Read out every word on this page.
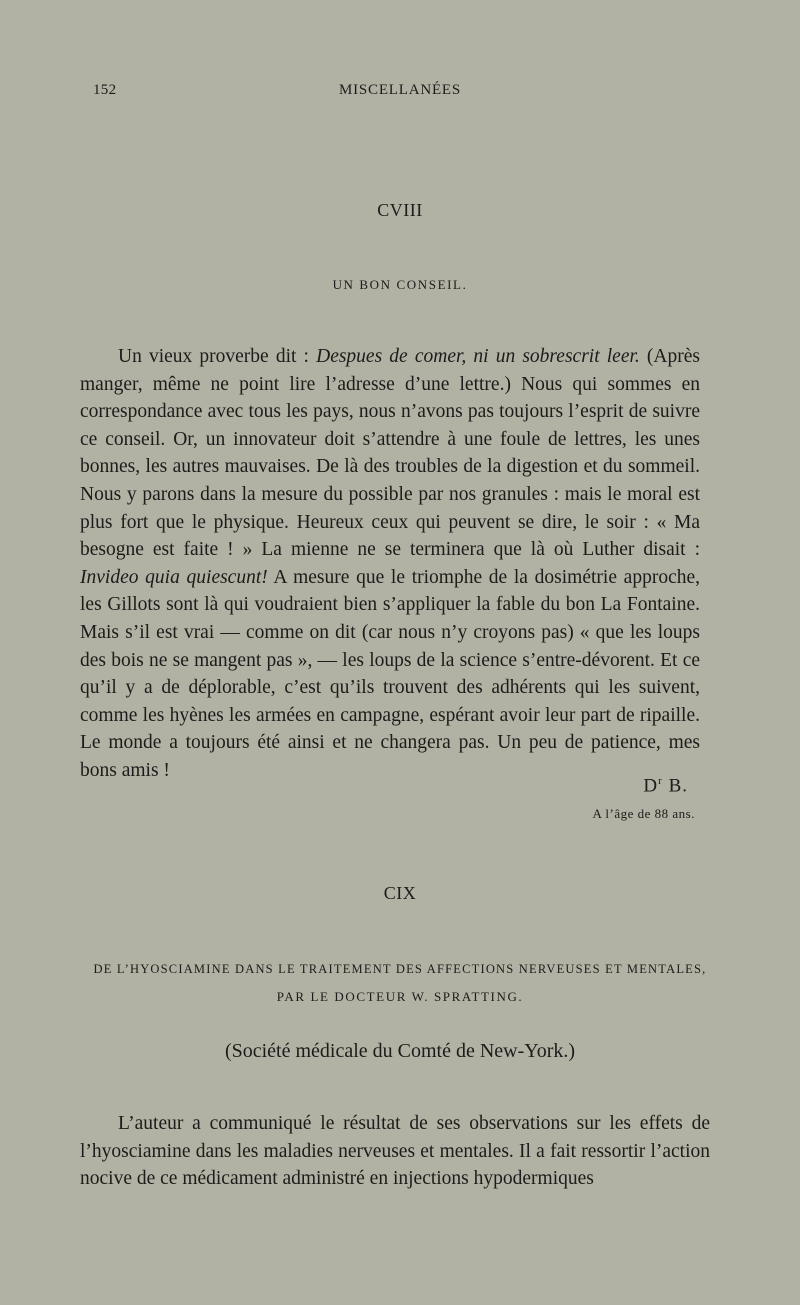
152	MISCELLANÉES
CVIII
UN BON CONSEIL.

Un vieux proverbe dit : Despues de comer, ni un sobrescrit leer. (Après manger, même ne point lire l’adresse d’une lettre.) Nous qui sommes en correspondance avec tous les pays, nous n’avons pas toujours l’esprit de suivre ce conseil. Or, un innovateur doit s’attendre à une foule de lettres, les unes bonnes, les autres mauvaises. De là des troubles de la digestion et du sommeil. Nous y parons dans la mesure du possible par nos granules : mais le moral est plus fort que le physique. Heureux ceux qui peuvent se dire, le soir : « Ma besogne est faite ! » La mienne ne se terminera que là où Luther disait : Invideo quia quiescunt! A mesure que le triomphe de la dosimétrie approche, les Gillots sont là qui voudraient bien s’appliquer la fable du bon La Fontaine. Mais s’il est vrai — comme on dit (car nous n’y croyons pas) « que les loups des bois ne se mangent pas », — les loups de la science s’entre-dévorent. Et ce qu’il y a de déplorable, c’est qu’ils trouvent des adhérents qui les suivent, comme les hyènes les armées en campagne, espérant avoir leur part de ripaille. Le monde a toujours été ainsi et ne changera pas. Un peu de patience, mes bons amis !

$D^r$ B.
A l’âge de 88 ans.
CIX
DE L’HYOSCIAMINE DANS LE TRAITEMENT DES AFFECTIONS NERVEUSES ET MENTALES,
PAR LE DOCTEUR W. SPRATTING.
(Société médicale du Comté de New-York.)

L’auteur a communiqué le résultat de ses observations sur les effets de l’hyosciamine dans les maladies nerveuses et mentales. Il a fait ressortir l’action nocive de ce médicament administré en injections hypodermiques
